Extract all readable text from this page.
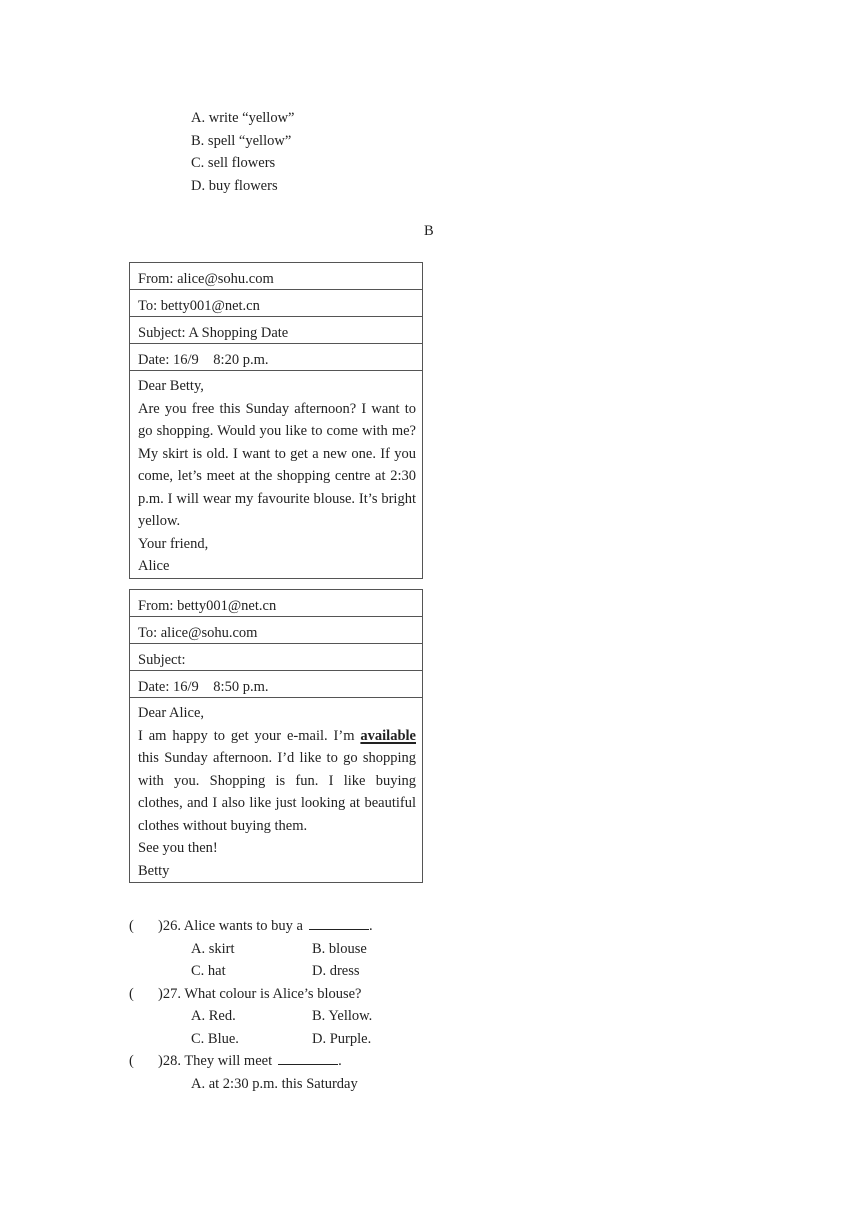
A. write “yellow”
B. spell “yellow”
C. sell flowers
D. buy flowers
B
From: alice@sohu.com
To: betty001@net.cn
Subject: A Shopping Date
Date: 16/9    8:20 p.m.

Dear Betty,

Are you free this Sunday afternoon? I want to go shopping. Would you like to come with me? My skirt is old. I want to get a new one. If you come, let’s meet at the shopping centre at 2:30 p.m. I will wear my favourite blouse. It’s bright yellow.

Your friend,

Alice

From: betty001@net.cn
To: alice@sohu.com
Subject:
Date: 16/9    8:50 p.m.

Dear Alice,

I am happy to get your e-mail. I’m available this Sunday afternoon. I’d like to go shopping with you. Shopping is fun. I like buying clothes, and I also like just looking at beautiful clothes without buying them.

See you then!

Betty

( )26. Alice wants to buy a	.
A. skirt	B. blouse
C. hat	D. dress
( )27. What colour is Alice’s blouse?
A. Red.	B. Yellow.
C. Blue.	D. Purple.
( )28. They will meet	.
A. at 2:30 p.m. this Saturday
